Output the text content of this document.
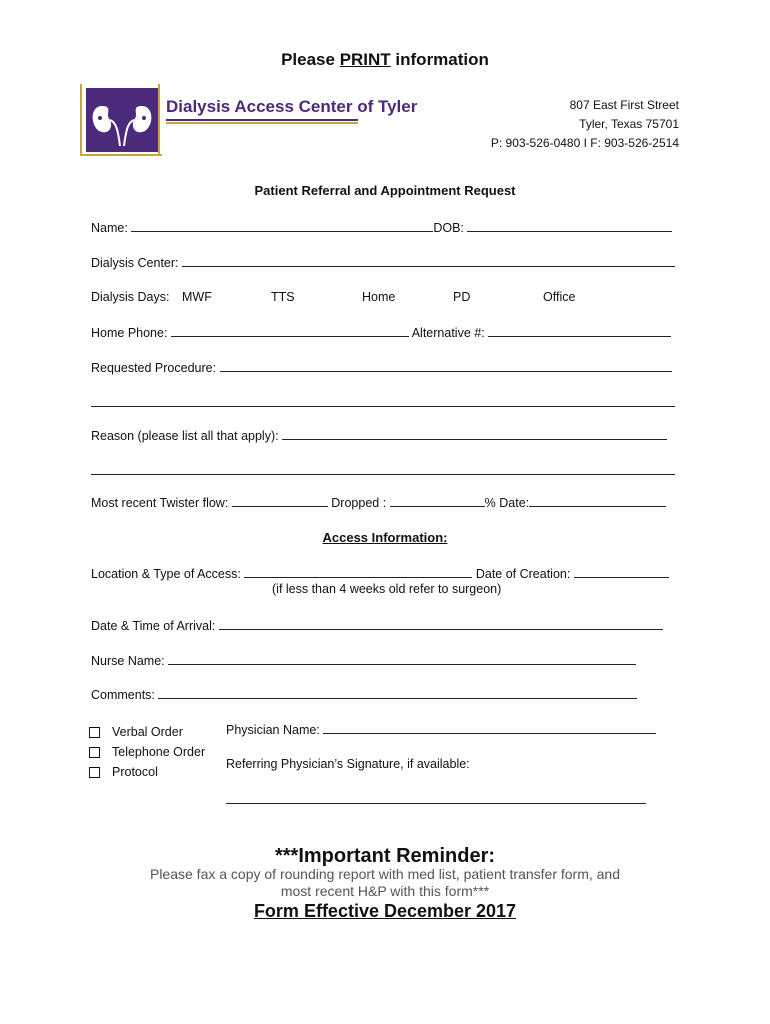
Please PRINT information
Dialysis Access Center of Tyler	807 East First Street
Tyler, Texas 75701
P: 903-526-0480 I F: 903-526-2514
Patient Referral and Appointment Request
Name:	DOB:
Dialysis Center:
Dialysis Days: MWF	TTS	Home	PD	Office
Home Phone:	Alternative #:
Requested Procedure:
Reason (please list all that apply):
Most recent Twister flow:	Dropped :	% Date:
Access Information:
Location & Type of Access:	Date of Creation:
(if less than 4 weeks old refer to surgeon)
Date & Time of Arrival:
Nurse Name:
Comments:
Verbal Order
Telephone Order
Protocol
Physician Name:
Referring Physician’s Signature, if available:
***Important Reminder:
Please fax a copy of rounding report with med list, patient transfer form, and
most recent H&P with this form***
Form Effective December 2017
